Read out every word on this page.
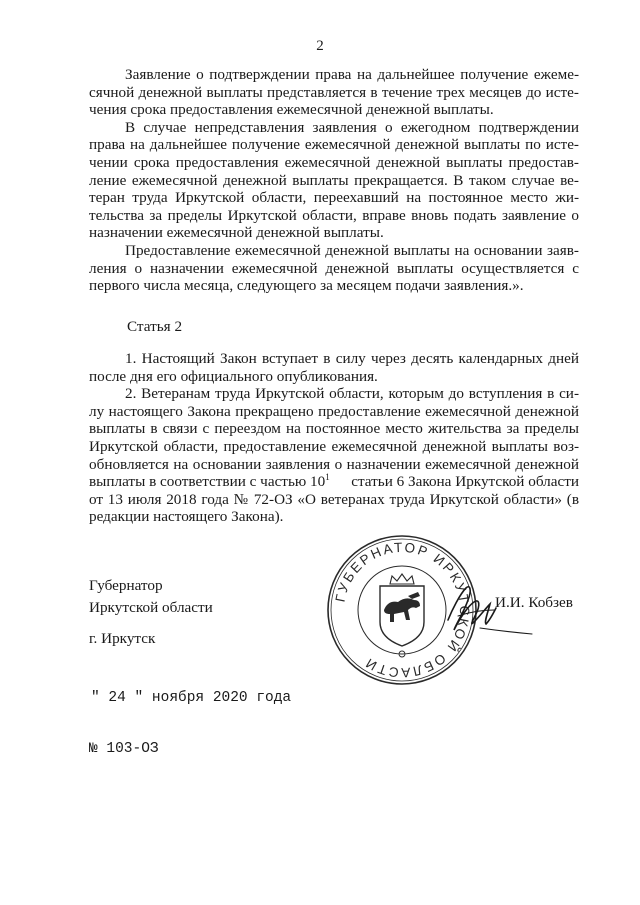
2

Заявление о подтверждении права на дальнейшее получение ежеме-
сячной денежной выплаты представляется в течение трех месяцев до исте-
чения срока предоставления ежемесячной денежной выплаты.

В случае непредставления заявления о ежегодном подтверждении
права на дальнейшее получение ежемесячной денежной выплаты по истe-
чении срока предоставления ежемесячной денежной выплаты предостав-
ление ежемесячной денежной выплаты прекращается. В таком случае ве-
теран труда Иркутской области, переехавший на постоянное место жи-
тельства за пределы Иркутской области, вправе вновь подать заявление о
назначении ежемесячной денежной выплаты.

Предоставление ежемесячной денежной выплаты на основании заяв-
ления о назначении ежемесячной денежной выплаты осуществляется с
первого числа месяца, следующего за месяцем подачи заявления.».

Статья 2

1. Настоящий Закон вступает в силу через десять календарных дней
после дня его официального опубликования.

2. Ветеранам труда Иркутской области, которым до вступления в си-
лу настоящего Закона прекращено предоставление ежемесячной денежной
выплаты в связи с переездом на постоянное место жительства за пределы
Иркутской области, предоставление ежемесячной денежной выплаты воз-
обновляется на основании заявления о назначении ежемесячной денежной
выплаты в соответствии с частью $10^1$ статьи 6 Закона Иркутской области
от 13 июля 2018 года № 72-ОЗ «О ветеранах труда Иркутской области» (в
редакции настоящего Закона).

Губернатор
Иркутской области
г. Иркутск

" 24 " ноября 2020 года

№ 103-ОЗ

ГУБЕРНАТОР ИРКУТСКОЙ ОБЛАСТИ
И.И. Кобзев
